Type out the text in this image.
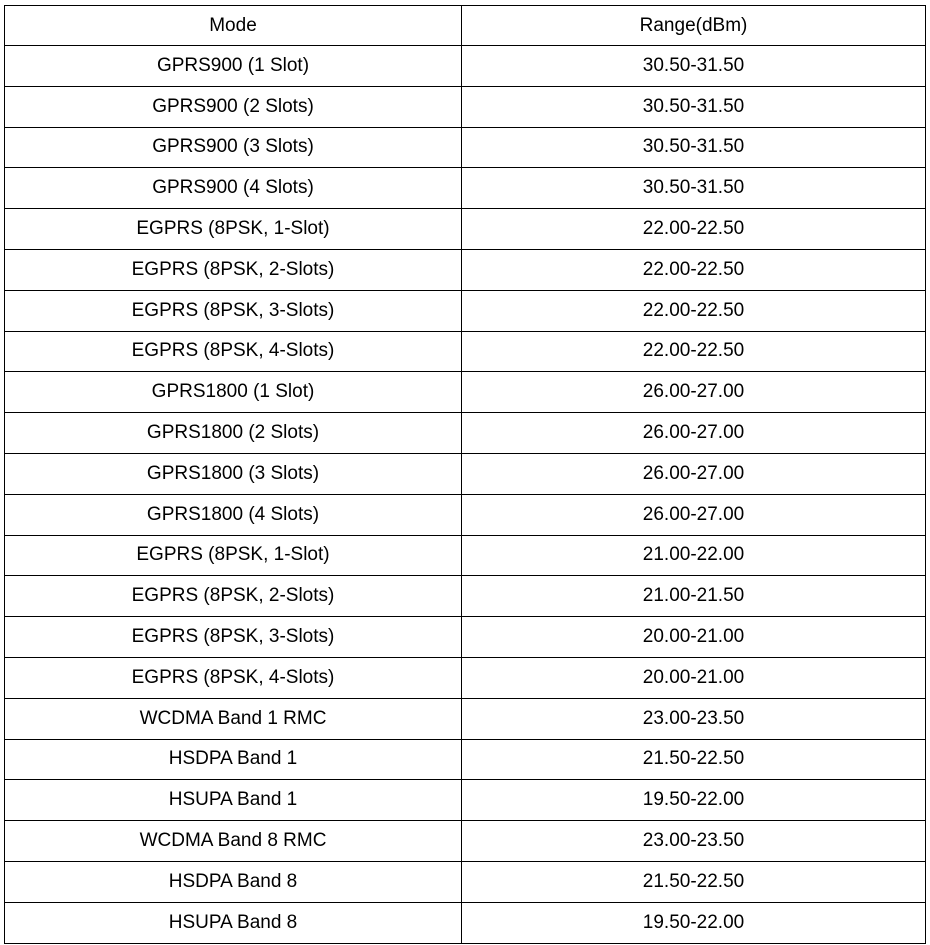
Mode	Range(dBm)
GPRS900 (1 Slot)	30.50-31.50
GPRS900 (2 Slots)	30.50-31.50
GPRS900 (3 Slots)	30.50-31.50
GPRS900 (4 Slots)	30.50-31.50
EGPRS (8PSK, 1-Slot)	22.00-22.50
EGPRS (8PSK, 2-Slots)	22.00-22.50
EGPRS (8PSK, 3-Slots)	22.00-22.50
EGPRS (8PSK, 4-Slots)	22.00-22.50
GPRS1800 (1 Slot)	26.00-27.00
GPRS1800 (2 Slots)	26.00-27.00
GPRS1800 (3 Slots)	26.00-27.00
GPRS1800 (4 Slots)	26.00-27.00
EGPRS (8PSK, 1-Slot)	21.00-22.00
EGPRS (8PSK, 2-Slots)	21.00-21.50
EGPRS (8PSK, 3-Slots)	20.00-21.00
EGPRS (8PSK, 4-Slots)	20.00-21.00
WCDMA Band 1 RMC	23.00-23.50
HSDPA Band 1	21.50-22.50
HSUPA Band 1	19.50-22.00
WCDMA Band 8 RMC	23.00-23.50
HSDPA Band 8	21.50-22.50
HSUPA Band 8	19.50-22.00
